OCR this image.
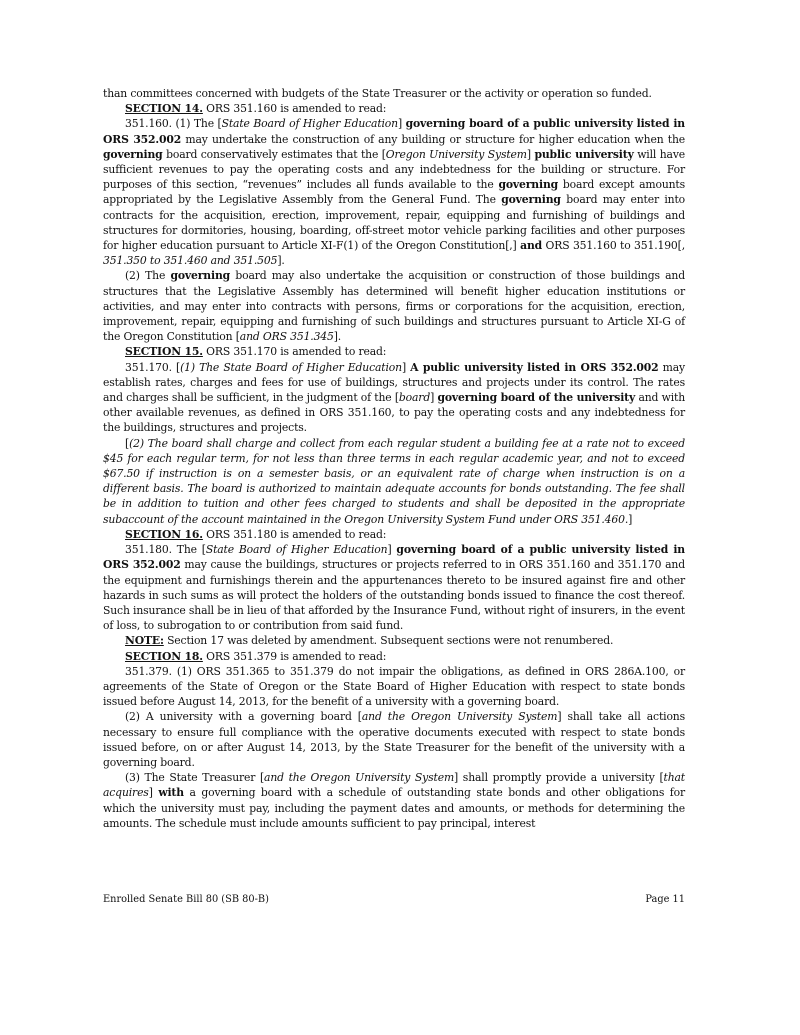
than committees concerned with budgets of the State Treasurer or the activity or operation so funded.

SECTION 14. ORS 351.160 is amended to read:

351.160. (1) The [State Board of Higher Education] governing board of a public university listed in ORS 352.002 may undertake the construction of any building or structure for higher education when the governing board conservatively estimates that the [Oregon University System] public university will have sufficient revenues to pay the operating costs and any indebtedness for the building or structure. For purposes of this section, “revenues” includes all funds available to the governing board except amounts appropriated by the Legislative Assembly from the General Fund. The governing board may enter into contracts for the acquisition, erection, improvement, repair, equipping and furnishing of buildings and structures for dormitories, housing, boarding, off-street motor vehicle parking facilities and other purposes for higher education pursuant to Article XI-F(1) of the Oregon Constitution[,] and ORS 351.160 to 351.190[, 351.350 to 351.460 and 351.505].

(2) The governing board may also undertake the acquisition or construction of those buildings and structures that the Legislative Assembly has determined will benefit higher education institutions or activities, and may enter into contracts with persons, firms or corporations for the acquisition, erection, improvement, repair, equipping and furnishing of such buildings and structures pursuant to Article XI-G of the Oregon Constitution [and ORS 351.345].

SECTION 15. ORS 351.170 is amended to read:

351.170. [(1) The State Board of Higher Education] A public university listed in ORS 352.002 may establish rates, charges and fees for use of buildings, structures and projects under its control. The rates and charges shall be sufficient, in the judgment of the [board] governing board of the university and with other available revenues, as defined in ORS 351.160, to pay the operating costs and any indebtedness for the buildings, structures and projects.

[(2) The board shall charge and collect from each regular student a building fee at a rate not to exceed $45 for each regular term, for not less than three terms in each regular academic year, and not to exceed $67.50 if instruction is on a semester basis, or an equivalent rate of charge when instruction is on a different basis. The board is authorized to maintain adequate accounts for bonds outstanding. The fee shall be in addition to tuition and other fees charged to students and shall be deposited in the appropriate subaccount of the account maintained in the Oregon University System Fund under ORS 351.460.]

SECTION 16. ORS 351.180 is amended to read:

351.180. The [State Board of Higher Education] governing board of a public university listed in ORS 352.002 may cause the buildings, structures or projects referred to in ORS 351.160 and 351.170 and the equipment and furnishings therein and the appurtenances thereto to be insured against fire and other hazards in such sums as will protect the holders of the outstanding bonds issued to finance the cost thereof. Such insurance shall be in lieu of that afforded by the Insurance Fund, without right of insurers, in the event of loss, to subrogation to or contribution from said fund.

NOTE: Section 17 was deleted by amendment. Subsequent sections were not renumbered.

SECTION 18. ORS 351.379 is amended to read:

351.379. (1) ORS 351.365 to 351.379 do not impair the obligations, as defined in ORS 286A.100, or agreements of the State of Oregon or the State Board of Higher Education with respect to state bonds issued before August 14, 2013, for the benefit of a university with a governing board.

(2) A university with a governing board [and the Oregon University System] shall take all actions necessary to ensure full compliance with the operative documents executed with respect to state bonds issued before, on or after August 14, 2013, by the State Treasurer for the benefit of the university with a governing board.

(3) The State Treasurer [and the Oregon University System] shall promptly provide a university [that acquires] with a governing board with a schedule of outstanding state bonds and other obligations for which the university must pay, including the payment dates and amounts, or methods for determining the amounts. The schedule must include amounts sufficient to pay principal, interest

Enrolled Senate Bill 80 (SB 80-B)	Page 11
